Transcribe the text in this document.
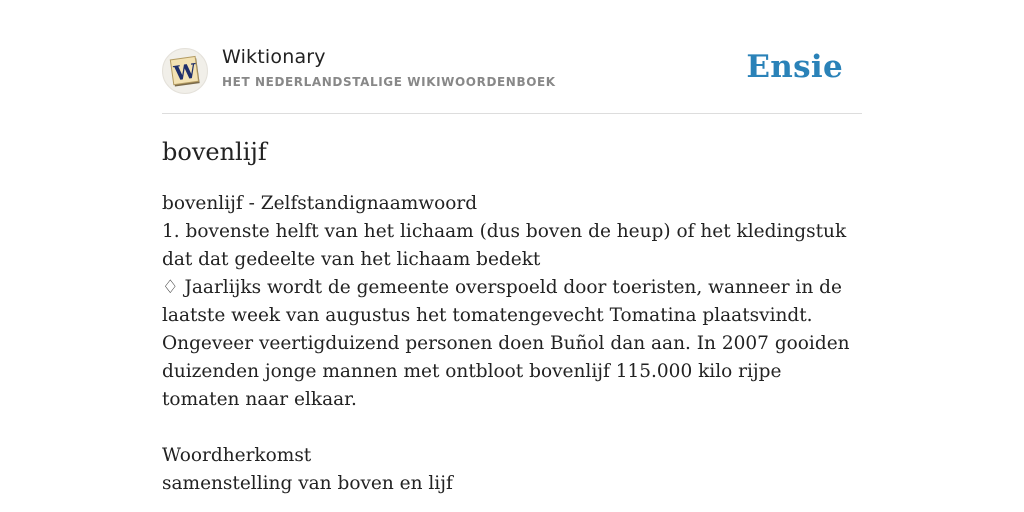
W
Wiktionary
HET NEDERLANDSTALIGE WIKIWOORDENBOEK	Ensie
bovenlijf

bovenlijf - Zelfstandignaamwoord

1. bovenste helft van het lichaam (dus boven de heup) of het kledingstuk dat dat gedeelte van het lichaam bedekt

♢ Jaarlijks wordt de gemeente overspoeld door toeristen, wanneer in de laatste week van augustus het tomatengevecht Tomatina plaatsvindt. Ongeveer veertigduizend personen doen Buñol dan aan. In 2007 gooiden duizenden jonge mannen met ontbloot bovenlijf 115.000 kilo rijpe tomaten naar elkaar.

Woordherkomst

samenstelling van boven en lijf
